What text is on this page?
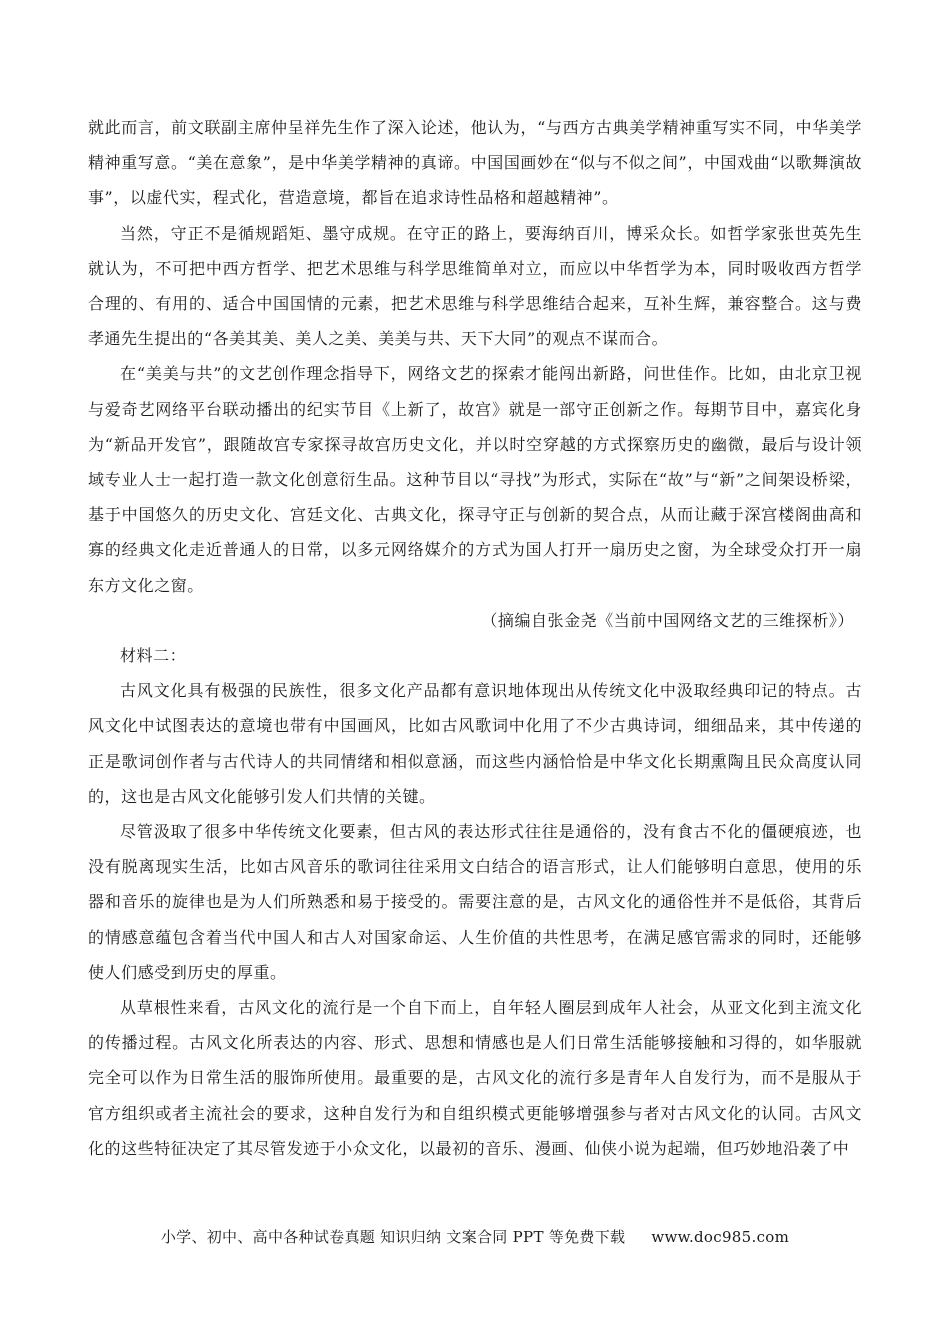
就此而言，前文联副主席仲呈祥先生作了深入论述，他认为，“与西方古典美学精神重写实不同，中华美学精神重写意。“美在意象”，是中华美学精神的真谛。中国国画妙在“似与不似之间”，中国戏曲“以歌舞演故事”，以虚代实，程式化，营造意境，都旨在追求诗性品格和超越精神”。

当然，守正不是循规蹈矩、墨守成规。在守正的路上，要海纳百川，博采众长。如哲学家张世英先生就认为，不可把中西方哲学、把艺术思维与科学思维简单对立，而应以中华哲学为本，同时吸收西方哲学合理的、有用的、适合中国国情的元素，把艺术思维与科学思维结合起来，互补生辉，兼容整合。这与费孝通先生提出的“各美其美、美人之美、美美与共、天下大同”的观点不谋而合。

在“美美与共”的文艺创作理念指导下，网络文艺的探索才能闯出新路，问世佳作。比如，由北京卫视与爱奇艺网络平台联动播出的纪实节目《上新了，故宫》就是一部守正创新之作。每期节目中，嘉宾化身为“新品开发官”，跟随故宫专家探寻故宫历史文化，并以时空穿越的方式探察历史的幽微，最后与设计领域专业人士一起打造一款文化创意衍生品。这种节目以“寻找”为形式，实际在“故”与“新”之间架设桥梁，基于中国悠久的历史文化、宫廷文化、古典文化，探寻守正与创新的契合点，从而让藏于深宫楼阁曲高和寡的经典文化走近普通人的日常，以多元网络媒介的方式为国人打开一扇历史之窗，为全球受众打开一扇东方文化之窗。

（摘编自张金尧《当前中国网络文艺的三维探析》）

材料二：

古风文化具有极强的民族性，很多文化产品都有意识地体现出从传统文化中汲取经典印记的特点。古风文化中试图表达的意境也带有中国画风，比如古风歌词中化用了不少古典诗词，细细品来，其中传递的正是歌词创作者与古代诗人的共同情绪和相似意涵，而这些内涵恰恰是中华文化长期熏陶且民众高度认同的，这也是古风文化能够引发人们共情的关键。

尽管汲取了很多中华传统文化要素，但古风的表达形式往往是通俗的，没有食古不化的僵硬痕迹，也没有脱离现实生活，比如古风音乐的歌词往往采用文白结合的语言形式，让人们能够明白意思，使用的乐器和音乐的旋律也是为人们所熟悉和易于接受的。需要注意的是，古风文化的通俗性并不是低俗，其背后的情感意蕴包含着当代中国人和古人对国家命运、人生价值的共性思考，在满足感官需求的同时，还能够使人们感受到历史的厚重。

从草根性来看，古风文化的流行是一个自下而上，自年轻人圈层到成年人社会，从亚文化到主流文化的传播过程。古风文化所表达的内容、形式、思想和情感也是人们日常生活能够接触和习得的，如华服就完全可以作为日常生活的服饰所使用。最重要的是，古风文化的流行多是青年人自发行为，而不是服从于官方组织或者主流社会的要求，这种自发行为和自组织模式更能够增强参与者对古风文化的认同。古风文化的这些特征决定了其尽管发迹于小众文化，以最初的音乐、漫画、仙侠小说为起端，但巧妙地沿袭了中

小学、初中、高中各种试卷真题 知识归纳 文案合同 PPT 等免费下载 www.doc985.com
